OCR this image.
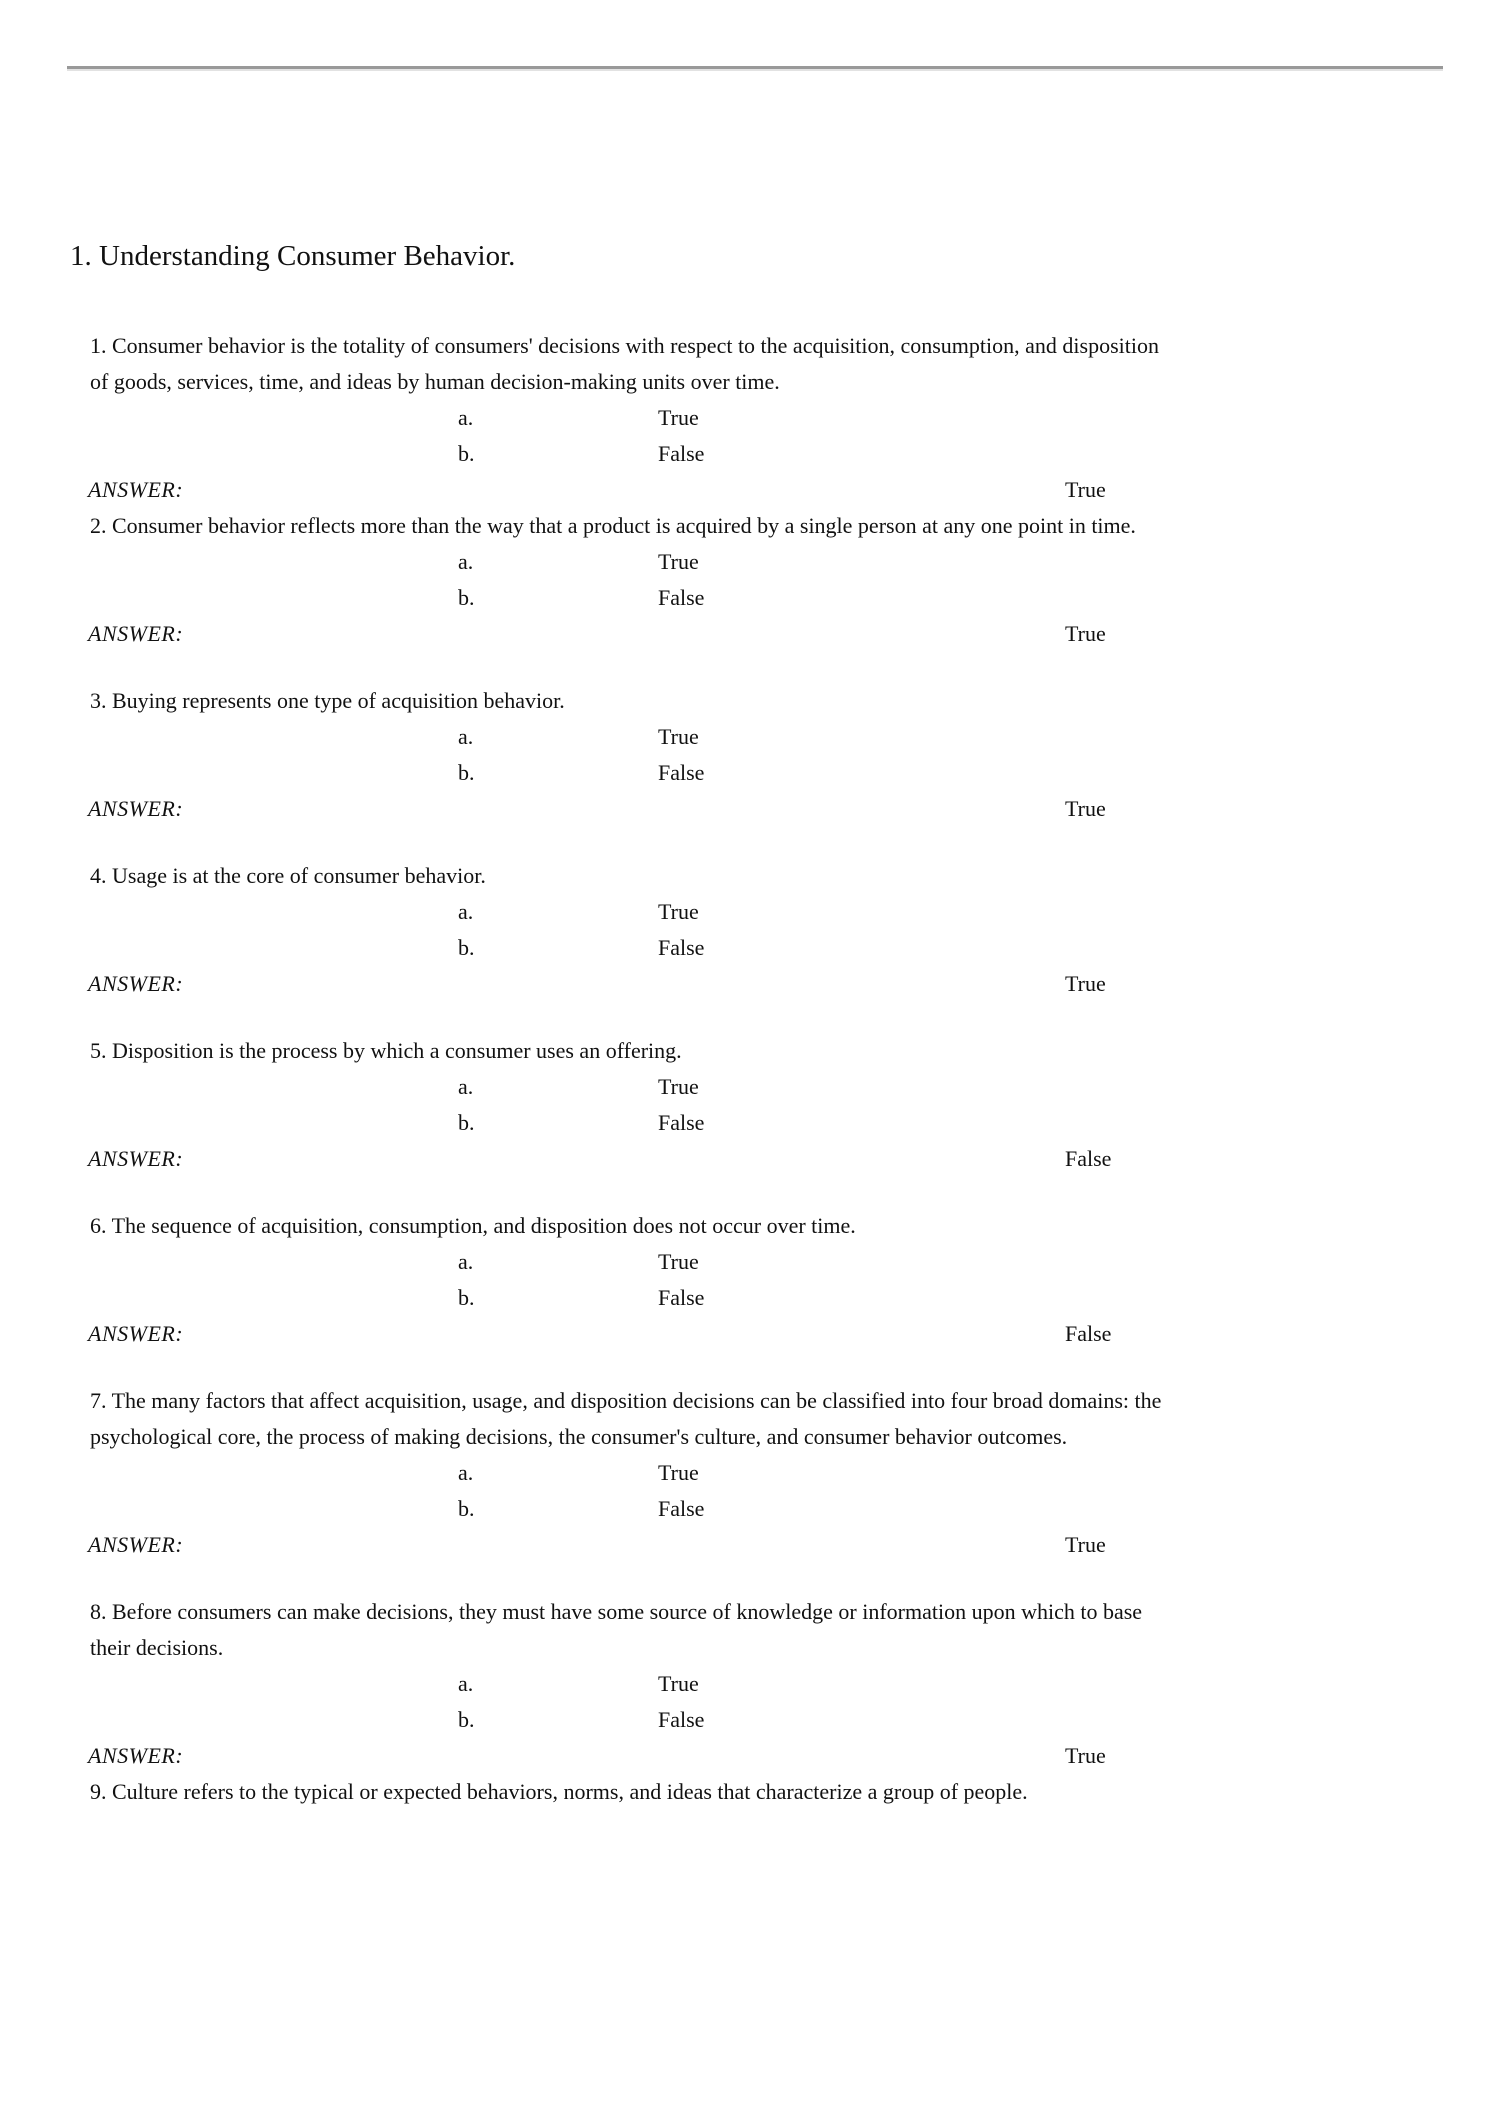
1. Understanding Consumer Behavior.
1. Consumer behavior is the totality of consumers' decisions with respect to the acquisition, consumption, and disposition
of goods, services, time, and ideas by human decision-making units over time.
a.	True
b.	False
ANSWER:	True
2. Consumer behavior reflects more than the way that a product is acquired by a single person at any one point in time.
a.	True
b.	False
ANSWER:	True
3. Buying represents one type of acquisition behavior.
a.	True
b.	False
ANSWER:	True
4. Usage is at the core of consumer behavior.
a.	True
b.	False
ANSWER:	True
5. Disposition is the process by which a consumer uses an offering.
a.	True
b.	False
ANSWER:	False
6. The sequence of acquisition, consumption, and disposition does not occur over time.
a.	True
b.	False
ANSWER:	False
7. The many factors that affect acquisition, usage, and disposition decisions can be classified into four broad domains: the
psychological core, the process of making decisions, the consumer's culture, and consumer behavior outcomes.
a.	True
b.	False
ANSWER:	True
8. Before consumers can make decisions, they must have some source of knowledge or information upon which to base
their decisions.
a.	True
b.	False
ANSWER:	True
9. Culture refers to the typical or expected behaviors, norms, and ideas that characterize a group of people.
